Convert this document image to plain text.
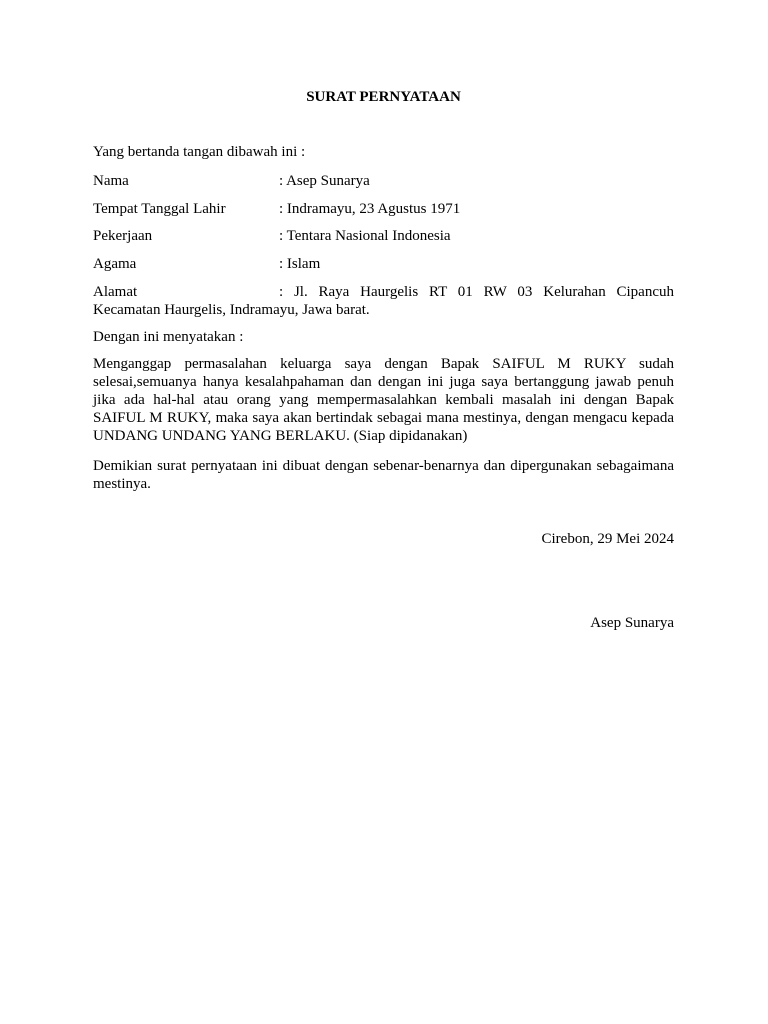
SURAT PERNYATAAN
Yang bertanda tangan dibawah ini :
Nama	: Asep Sunarya
Tempat Tanggal Lahir	: Indramayu, 23 Agustus 1971
Pekerjaan	: Tentara Nasional Indonesia
Agama	: Islam
Alamat	: Jl. Raya Haurgelis RT 01 RW 03 Kelurahan Cipancuh Kecamatan Haurgelis, Indramayu, Jawa barat.
Dengan ini menyatakan :
Menganggap permasalahan keluarga saya dengan Bapak SAIFUL M RUKY sudah selesai,semuanya hanya kesalahpahaman dan dengan ini juga saya bertanggung jawab penuh jika ada hal-hal atau orang yang mempermasalahkan kembali masalah ini dengan Bapak SAIFUL M RUKY, maka saya akan bertindak sebagai mana mestinya, dengan mengacu kepada UNDANG UNDANG YANG BERLAKU. (Siap dipidanakan)
Demikian surat pernyataan ini dibuat dengan sebenar-benarnya dan dipergunakan sebagaimana mestinya.
Cirebon, 29 Mei 2024
Asep Sunarya
